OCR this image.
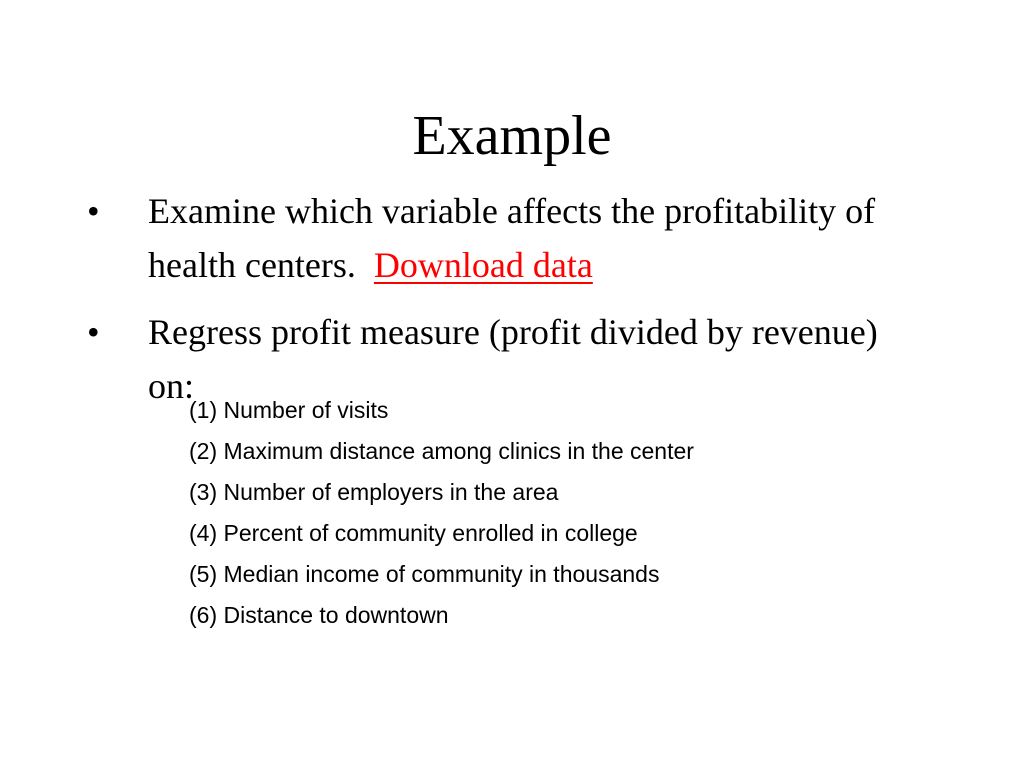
Example
• Examine which variable affects the profitability of health centers. Download data
• Regress profit measure (profit divided by revenue) on:
(1) Number of visits
(2) Maximum distance among clinics in the center
(3) Number of employers in the area
(4) Percent of community enrolled in college
(5) Median income of community in thousands
(6) Distance to downtown
